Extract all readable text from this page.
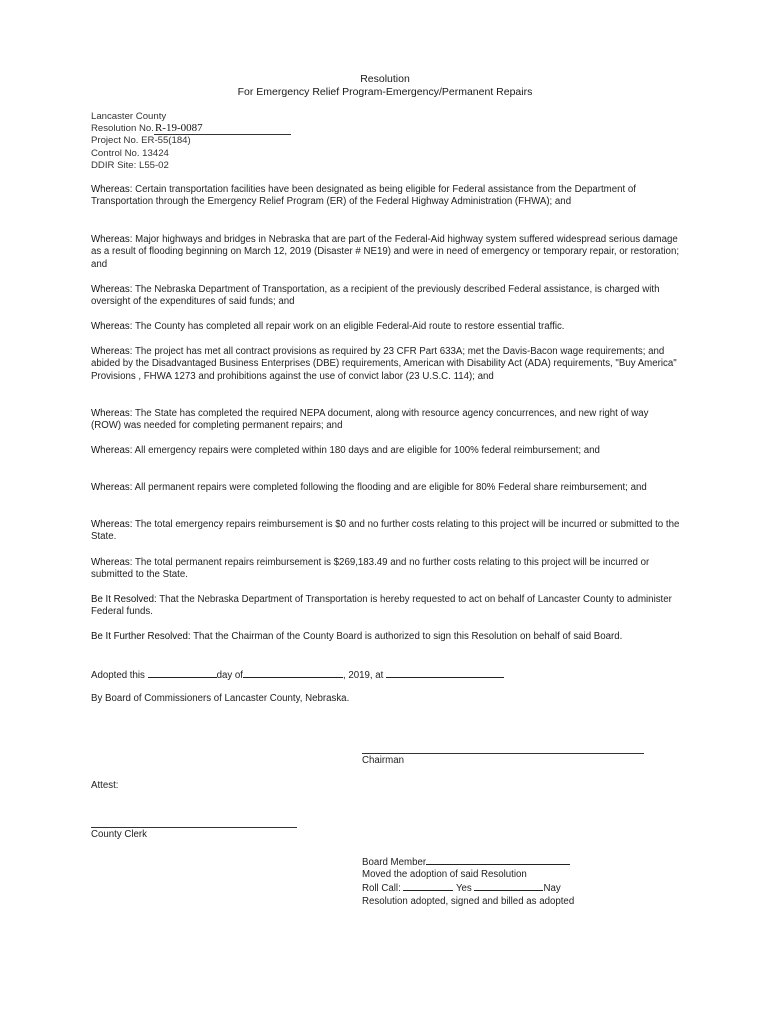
Resolution
For Emergency Relief Program-Emergency/Permanent Repairs
Lancaster County
Resolution No.R-19-0087
Project No. ER-55(184)
Control No. 13424
DDIR Site: L55-02
Whereas: Certain transportation facilities have been designated as being eligible for Federal assistance from the Department of Transportation through the Emergency Relief Program (ER) of the Federal Highway Administration (FHWA); and
Whereas: Major highways and bridges in Nebraska that are part of the Federal-Aid highway system suffered widespread serious damage as a result of flooding beginning on March 12, 2019 (Disaster # NE19) and were in need of emergency or temporary repair, or restoration; and
Whereas: The Nebraska Department of Transportation, as a recipient of the previously described Federal assistance, is charged with oversight of the expenditures of said funds; and
Whereas: The County has completed all repair work on an eligible Federal-Aid route to restore essential traffic.
Whereas: The project has met all contract provisions as required by 23 CFR Part 633A; met the Davis-Bacon wage requirements; and abided by the Disadvantaged Business Enterprises (DBE) requirements, American with Disability Act (ADA) requirements, "Buy America" Provisions , FHWA 1273 and prohibitions against the use of convict labor (23 U.S.C. 114); and
Whereas: The State has completed the required NEPA document, along with resource agency concurrences, and new right of way (ROW) was needed for completing permanent repairs; and
Whereas: All emergency repairs were completed within 180 days and are eligible for 100% federal reimbursement; and
Whereas: All permanent repairs were completed following the flooding and are eligible for 80% Federal share reimbursement; and
Whereas: The total emergency repairs reimbursement is $0 and no further costs relating to this project will be incurred or submitted to the State.
Whereas: The total permanent repairs reimbursement is $269,183.49 and no further costs relating to this project will be incurred or submitted to the State.
Be It Resolved: That the Nebraska Department of Transportation is hereby requested to act on behalf of Lancaster County to administer Federal funds.
Be It Further Resolved: That the Chairman of the County Board is authorized to sign this Resolution on behalf of said Board.
Adopted this	day of	, 2019, at
By Board of Commissioners of Lancaster County, Nebraska.
Chairman
Attest:
County Clerk
Board Member
Moved the adoption of said Resolution
Roll Call:	Yes	Nay
Resolution adopted, signed and billed as adopted
